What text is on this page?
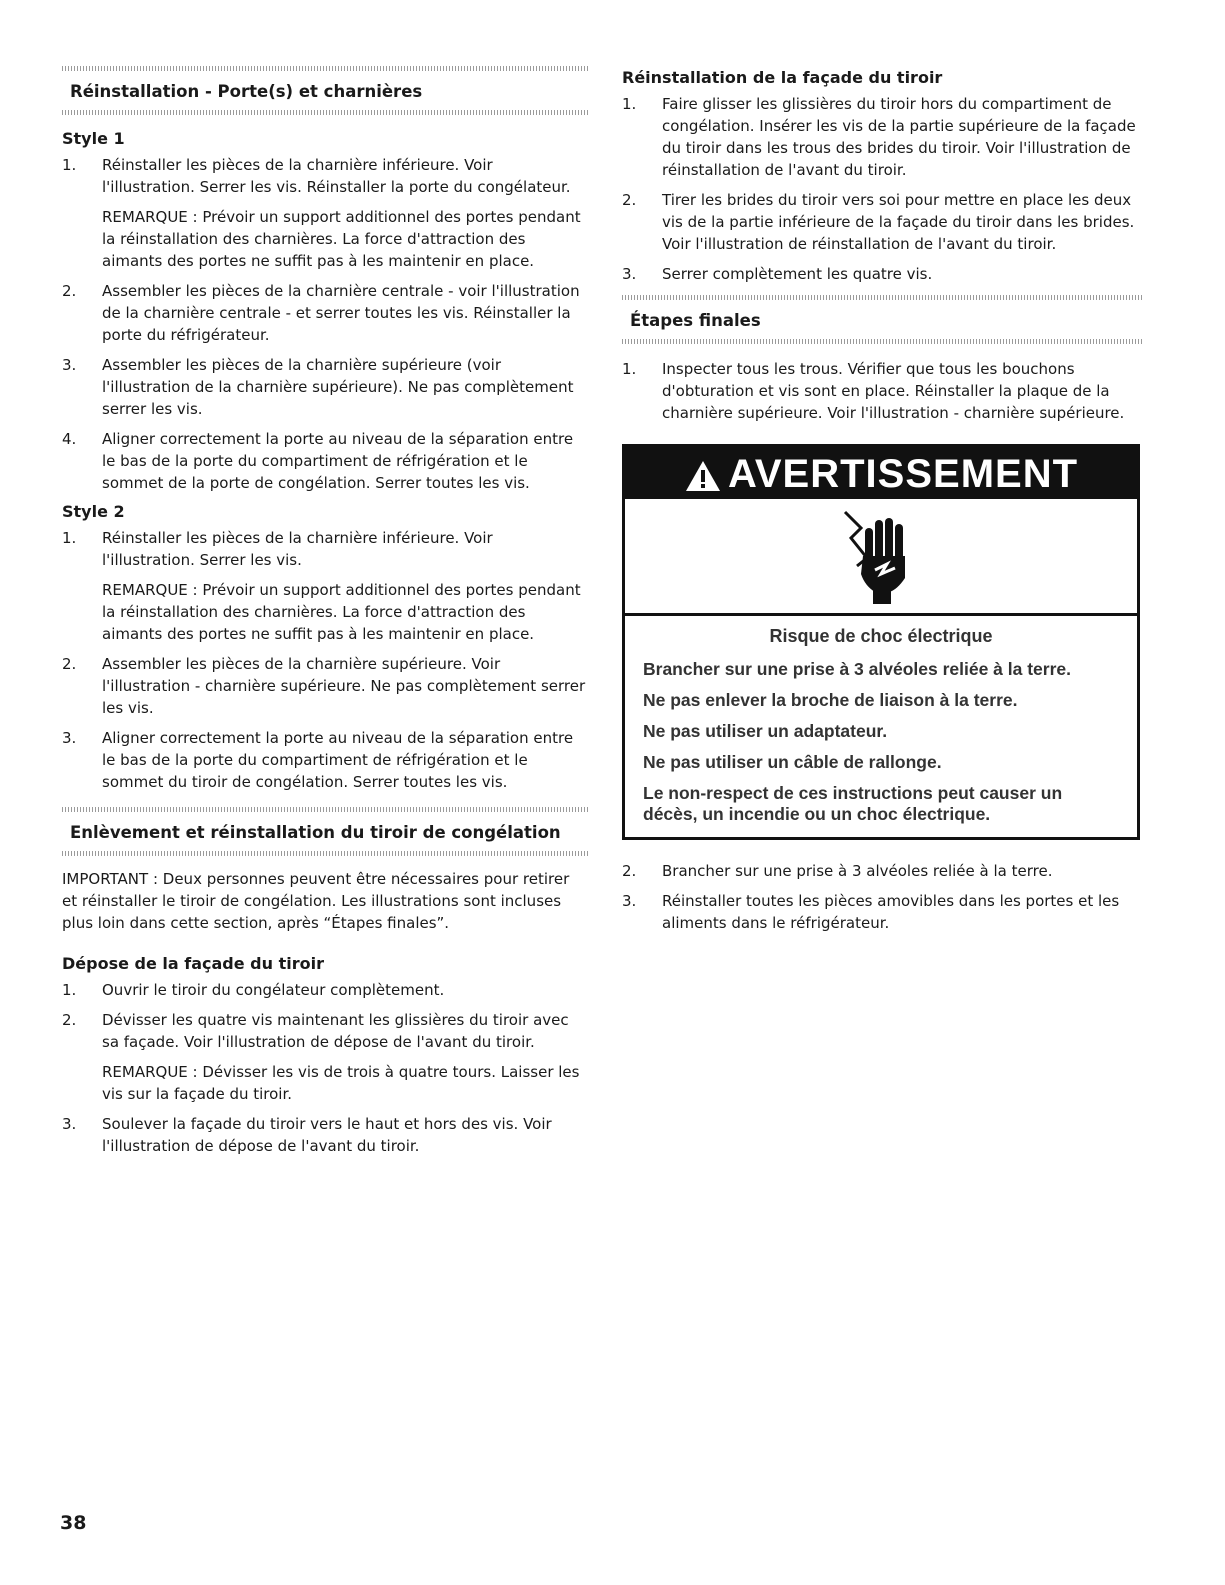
Réinstallation - Porte(s) et charnières
Style 1
1. Réinstaller les pièces de la charnière inférieure. Voir l'illustration. Serrer les vis. Réinstaller la porte du congélateur.

REMARQUE : Prévoir un support additionnel des portes pendant la réinstallation des charnières. La force d'attraction des aimants des portes ne suffit pas à les maintenir en place.

2. Assembler les pièces de la charnière centrale - voir l'illustration de la charnière centrale - et serrer toutes les vis. Réinstaller la porte du réfrigérateur.
3. Assembler les pièces de la charnière supérieure (voir l'illustration de la charnière supérieure). Ne pas complètement serrer les vis.
4. Aligner correctement la porte au niveau de la séparation entre le bas de la porte du compartiment de réfrigération et le sommet de la porte de congélation. Serrer toutes les vis.
Style 2
1. Réinstaller les pièces de la charnière inférieure. Voir l'illustration. Serrer les vis.

REMARQUE : Prévoir un support additionnel des portes pendant la réinstallation des charnières. La force d'attraction des aimants des portes ne suffit pas à les maintenir en place.

2. Assembler les pièces de la charnière supérieure. Voir l'illustration - charnière supérieure. Ne pas complètement serrer les vis.
3. Aligner correctement la porte au niveau de la séparation entre le bas de la porte du compartiment de réfrigération et le sommet du tiroir de congélation. Serrer toutes les vis.
Enlèvement et réinstallation du tiroir de congélation

IMPORTANT : Deux personnes peuvent être nécessaires pour retirer et réinstaller le tiroir de congélation. Les illustrations sont incluses plus loin dans cette section, après “Étapes finales”.

Dépose de la façade du tiroir
1. Ouvrir le tiroir du congélateur complètement.
2. Dévisser les quatre vis maintenant les glissières du tiroir avec sa façade. Voir l'illustration de dépose de l'avant du tiroir.

REMARQUE : Dévisser les vis de trois à quatre tours. Laisser les vis sur la façade du tiroir.

3. Soulever la façade du tiroir vers le haut et hors des vis. Voir l'illustration de dépose de l'avant du tiroir.
Réinstallation de la façade du tiroir
1. Faire glisser les glissières du tiroir hors du compartiment de congélation. Insérer les vis de la partie supérieure de la façade du tiroir dans les trous des brides du tiroir. Voir l'illustration de réinstallation de l'avant du tiroir.
2. Tirer les brides du tiroir vers soi pour mettre en place les deux vis de la partie inférieure de la façade du tiroir dans les brides. Voir l'illustration de réinstallation de l'avant du tiroir.
3. Serrer complètement les quatre vis.
Étapes finales
1. Inspecter tous les trous. Vérifier que tous les bouchons d'obturation et vis sont en place. Réinstaller la plaque de la charnière supérieure. Voir l'illustration - charnière supérieure.
AVERTISSEMENT
Risque de choc électrique
Brancher sur une prise à 3 alvéoles reliée à la terre.
Ne pas enlever la broche de liaison à la terre.
Ne pas utiliser un adaptateur.
Ne pas utiliser un câble de rallonge.
Le non-respect de ces instructions peut causer un décès, un incendie ou un choc électrique.
2. Brancher sur une prise à 3 alvéoles reliée à la terre.
3. Réinstaller toutes les pièces amovibles dans les portes et les aliments dans le réfrigérateur.
38
